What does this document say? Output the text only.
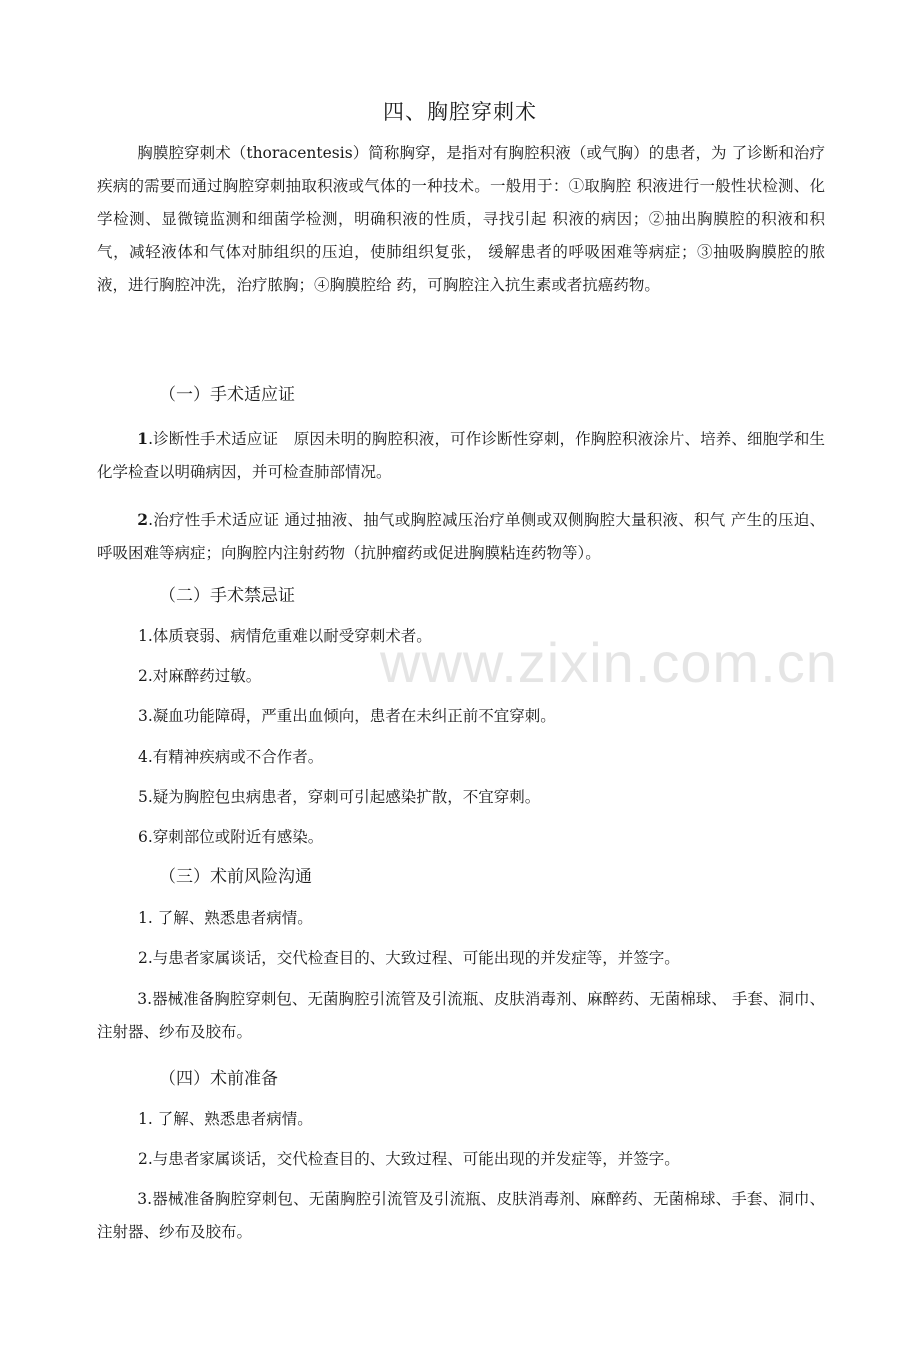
四、胸腔穿刺术
胸膜腔穿刺术（thoracentesis）简称胸穿，是指对有胸腔积液（或气胸）的患者，为 了诊断和治疗疾病的需要而通过胸腔穿刺抽取积液或气体的一种技术。一般用于：①取胸腔 积液进行一般性状检测、化学检测、显微镜监测和细菌学检测，明确积液的性质，寻找引起 积液的病因；②抽出胸膜腔的积液和积气，减轻液体和气体对肺组织的压迫，使肺组织复张， 缓解患者的呼吸困难等病症；③抽吸胸膜腔的脓液，进行胸腔冲洗，治疗脓胸；④胸膜腔给 药，可胸腔注入抗生素或者抗癌药物。
（一）手术适应证
1.诊断性手术适应证　原因未明的胸腔积液，可作诊断性穿刺，作胸腔积液涂片、培养、细胞学和生化学检查以明确病因，并可检查肺部情况。
2.治疗性手术适应证 通过抽液、抽气或胸腔减压治疗单侧或双侧胸腔大量积液、积气 产生的压迫、呼吸困难等病症；向胸腔内注射药物（抗肿瘤药或促进胸膜粘连药物等）。
（二）手术禁忌证
1.体质衰弱、病情危重难以耐受穿刺术者。
2.对麻醉药过敏。
3.凝血功能障碍，严重出血倾向，患者在未纠正前不宜穿刺。
4.有精神疾病或不合作者。
5.疑为胸腔包虫病患者，穿刺可引起感染扩散，不宜穿刺。
6.穿刺部位或附近有感染。
（三）术前风险沟通
1. 了解、熟悉患者病情。
2.与患者家属谈话，交代检查目的、大致过程、可能出现的并发症等，并签字。
3.器械准备胸腔穿刺包、无菌胸腔引流管及引流瓶、皮肤消毒剂、麻醉药、无菌棉球、 手套、洞巾、注射器、纱布及胶布。
（四）术前准备
1. 了解、熟悉患者病情。
2.与患者家属谈话，交代检查目的、大致过程、可能出现的并发症等，并签字。
3.器械准备胸腔穿刺包、无菌胸腔引流管及引流瓶、皮肤消毒剂、麻醉药、无菌棉球、手套、洞巾、注射器、纱布及胶布。
www.zixin.com.cn
